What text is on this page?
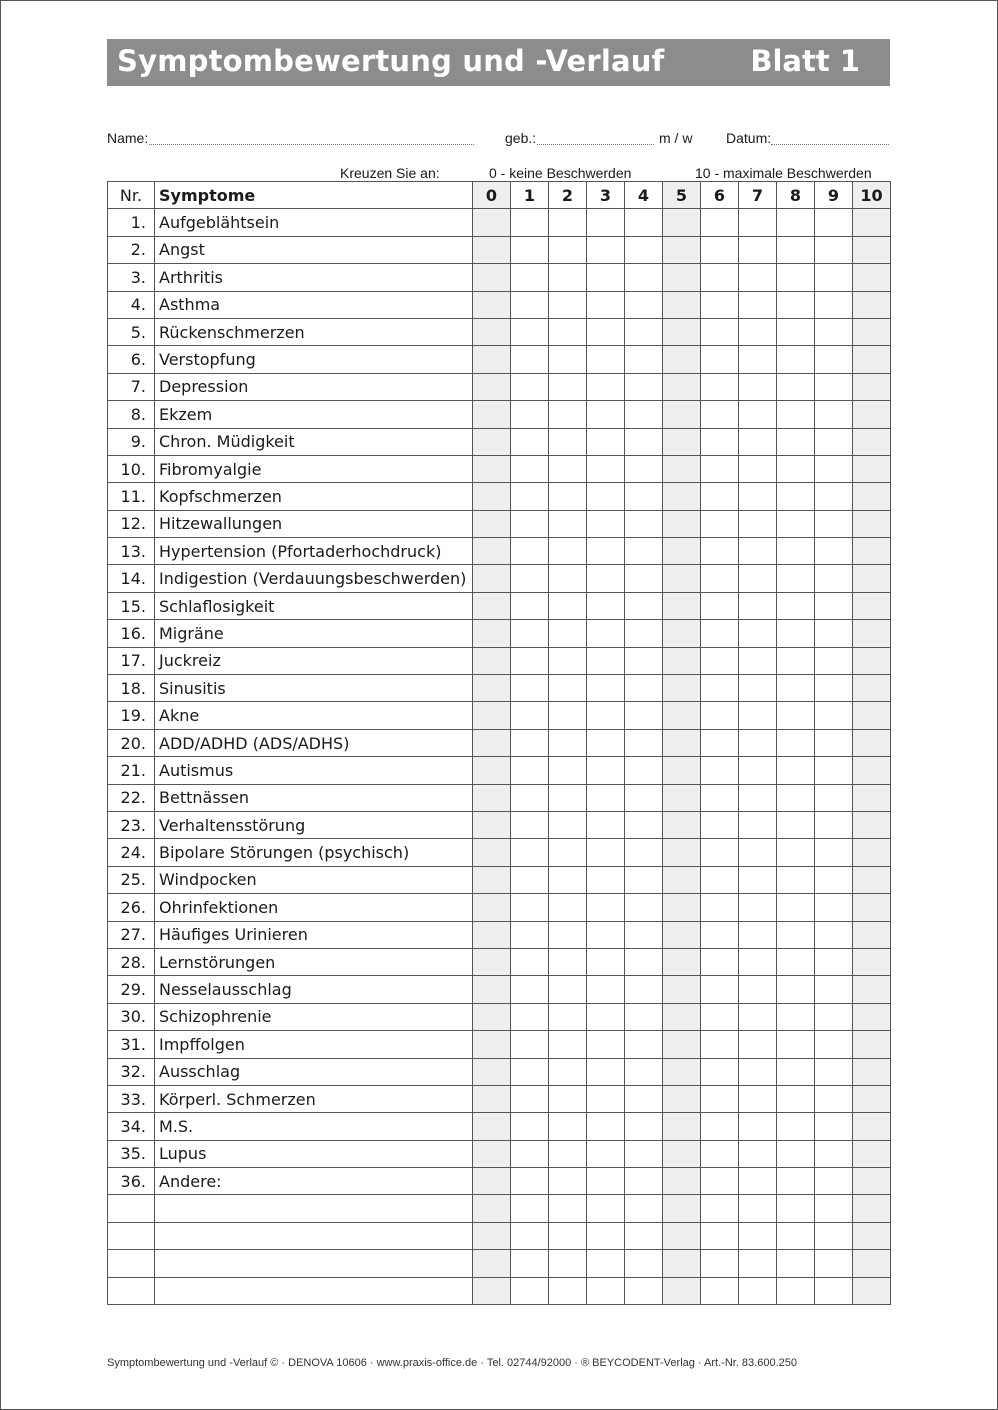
Symptombewertung und -Verlauf	Blatt 1
Name:	geb.:	m / w Datum:
Kreuzen Sie an:	0 - keine Beschwerden	10 - maximale Beschwerden
Nr.	Symptome	0	1	2	3	4	5	6	7	8	9	10
1.	Aufgeblähtsein											
2.	Angst											
3.	Arthritis											
4.	Asthma											
5.	Rückenschmerzen											
6.	Verstopfung											
7.	Depression											
8.	Ekzem											
9.	Chron. Müdigkeit											
10.	Fibromyalgie											
11.	Kopfschmerzen											
12.	Hitzewallungen											
13.	Hypertension (Pfortaderhochdruck)											
14.	Indigestion (Verdauungsbeschwerden)											
15.	Schlaflosigkeit											
16.	Migräne											
17.	Juckreiz											
18.	Sinusitis											
19.	Akne											
20.	ADD/ADHD (ADS/ADHS)											
21.	Autismus											
22.	Bettnässen											
23.	Verhaltensstörung											
24.	Bipolare Störungen (psychisch)											
25.	Windpocken											
26.	Ohrinfektionen											
27.	Häufiges Urinieren											
28.	Lernstörungen											
29.	Nesselausschlag											
30.	Schizophrenie											
31.	Impffolgen											
32.	Ausschlag											
33.	Körperl. Schmerzen											
34.	M.S.											
35.	Lupus											
36.	Andere:											

Symptombewertung und -Verlauf © · DENOVA 10606 · www.praxis-office.de · Tel. 02744/92000 · ® BEYCODENT-Verlag · Art.-Nr. 83.600.250
